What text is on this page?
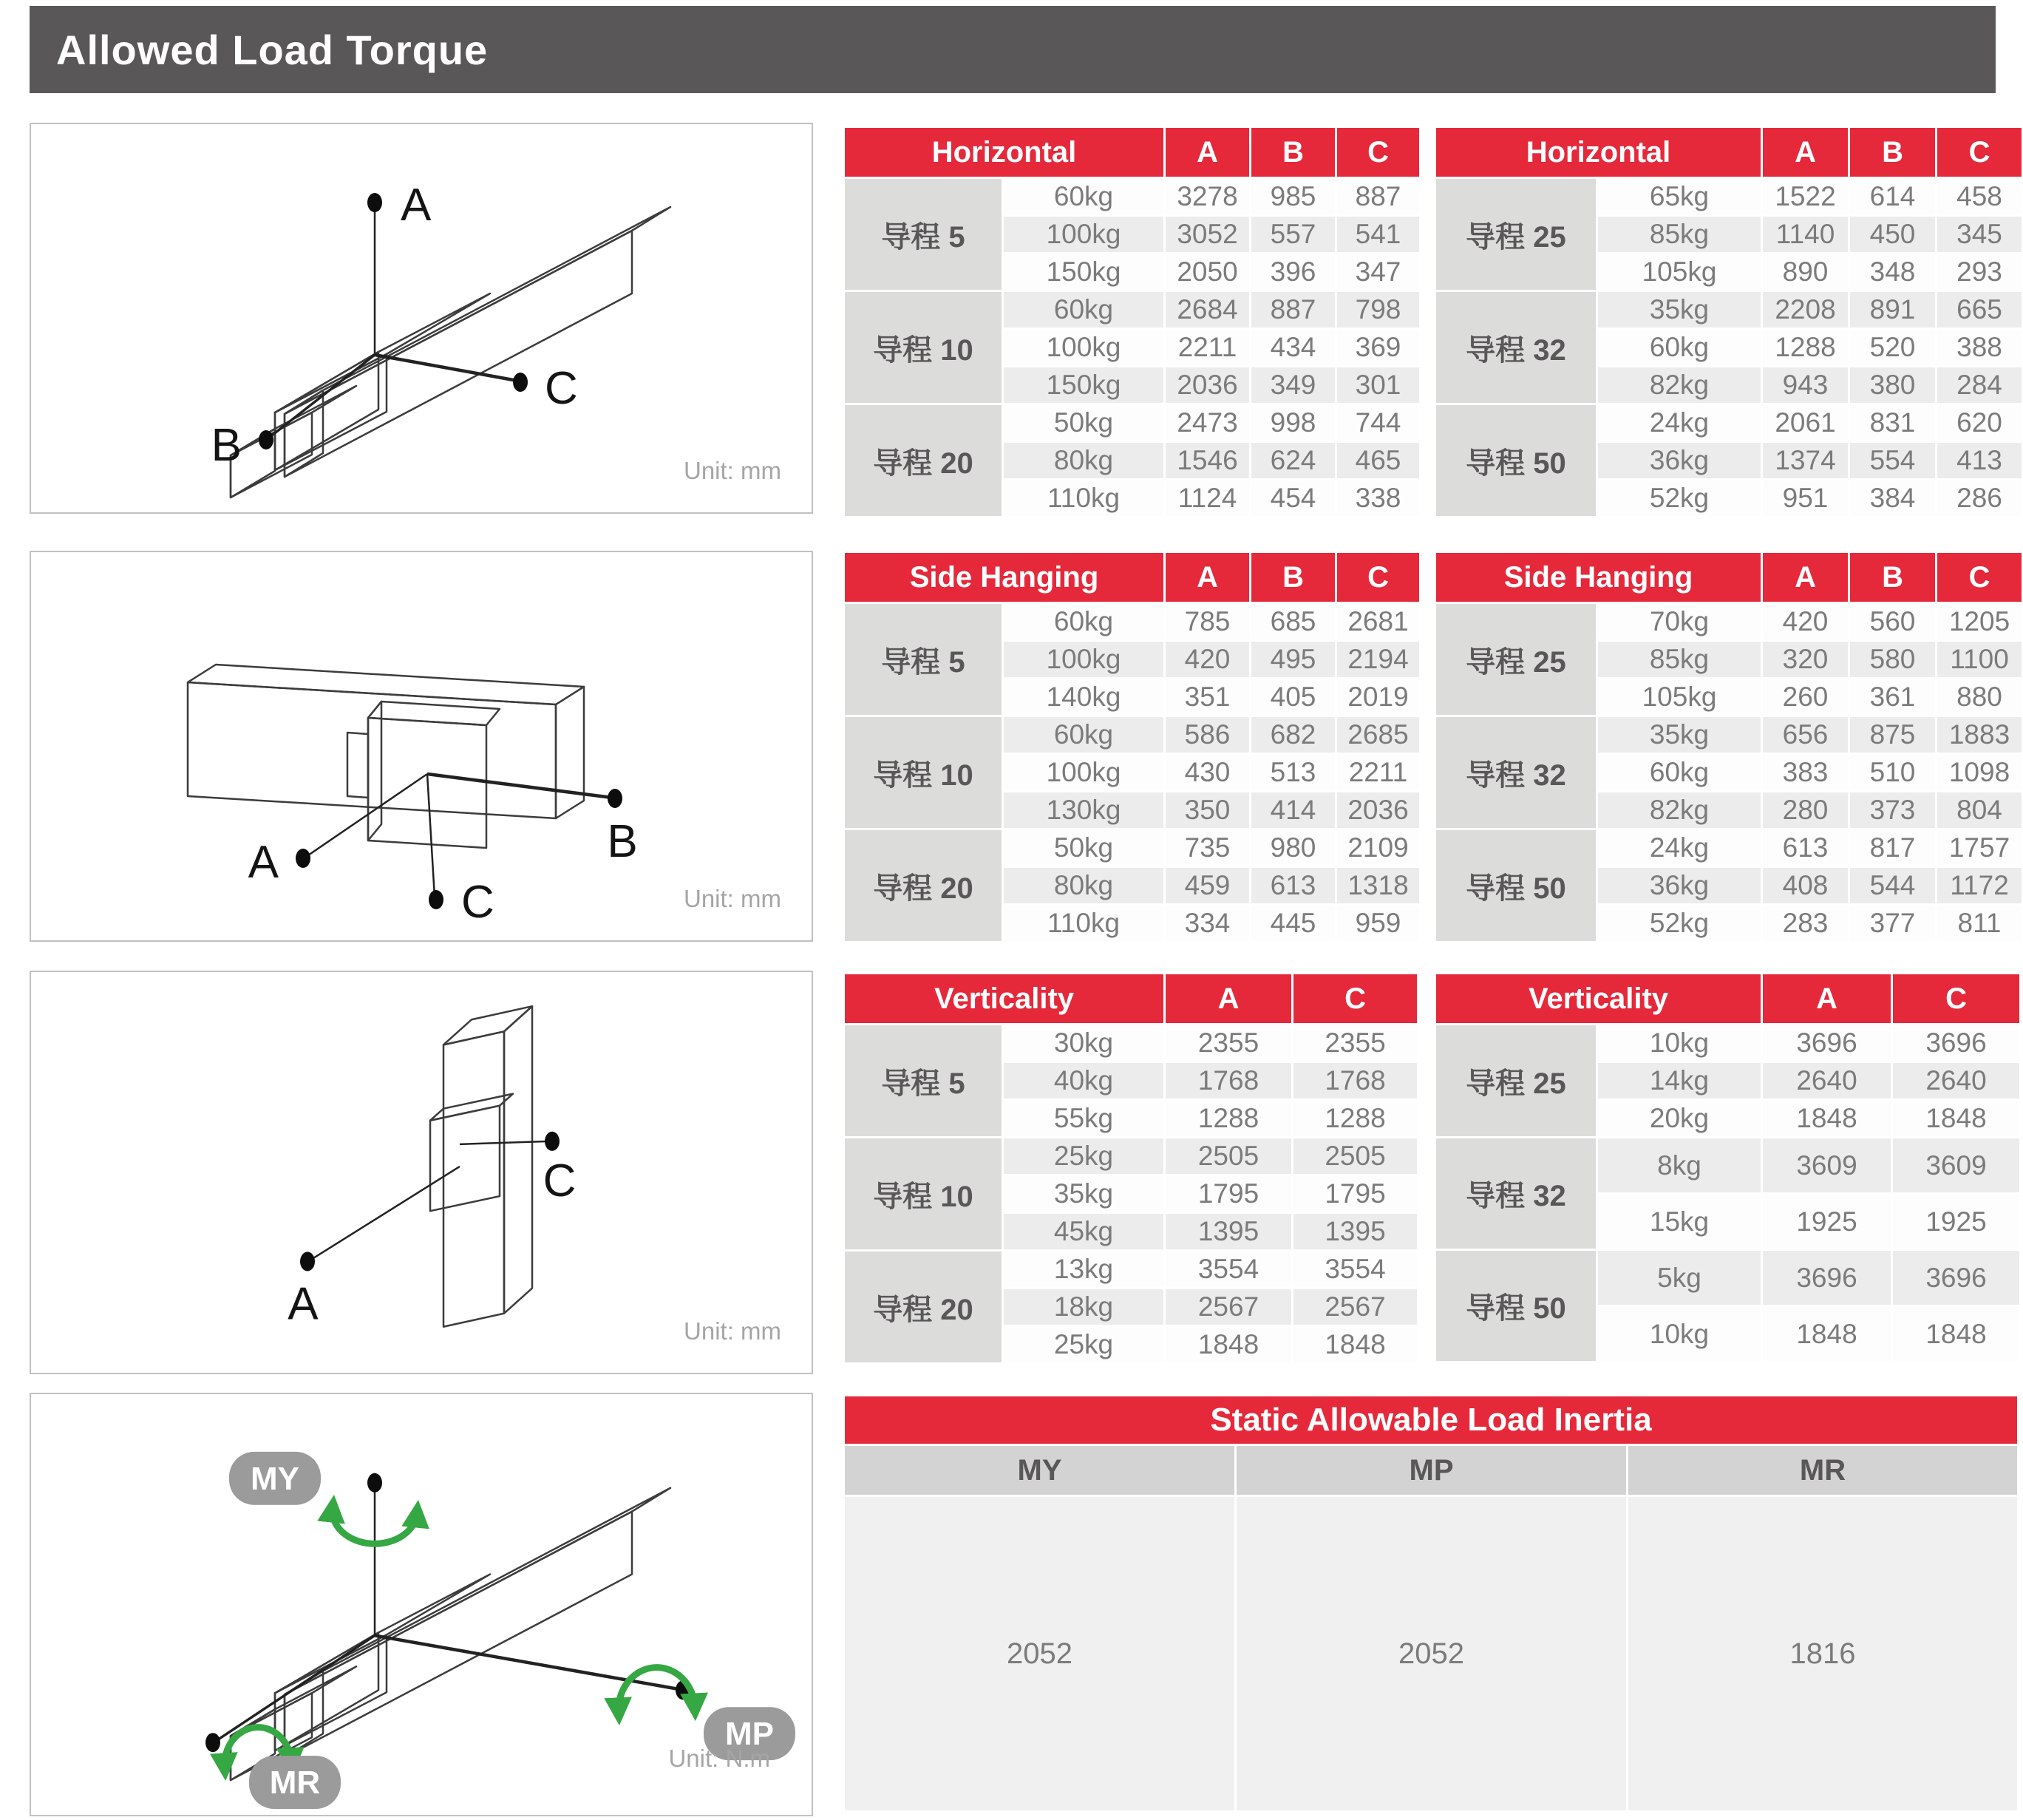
Allowed Load Torque
A
B
C
Unit: mm
A	B
C	Unit: mm
A
C
Unit: mm
MY
MP
MR
Unit: N.m
Horizontal		A	B	C
导程 5	60kg	3278	985	887
	100kg	3052	557	541
	150kg	2050	396	347
导程 10	60kg	2684	887	798
	100kg	2211	434	369
	150kg	2036	349	301
导程 20	50kg	2473	998	744
	80kg	1546	624	465
	110kg	1124	454	338
Horizontal		A	B	C
导程 25	65kg	1522	614	458
	85kg	1140	450	345
	105kg	890	348	293
导程 32	35kg	2208	891	665
	60kg	1288	520	388
	82kg	943	380	284
导程 50	24kg	2061	831	620
	36kg	1374	554	413
	52kg	951	384	286
Side Hanging		A	B	C
导程 5	60kg	785	685	2681
	100kg	420	495	2194
	140kg	351	405	2019
导程 10	60kg	586	682	2685
	100kg	430	513	2211
	130kg	350	414	2036
导程 20	50kg	735	980	2109
	80kg	459	613	1318
	110kg	334	445	959
Side Hanging		A	B	C
导程 25	70kg	420	560	1205
	85kg	320	580	1100
	105kg	260	361	880
导程 32	35kg	656	875	1883
	60kg	383	510	1098
	82kg	280	373	804
导程 50	24kg	613	817	1757
	36kg	408	544	1172
	52kg	283	377	811
Verticality		A	C
导程 5	30kg	2355	2355
	40kg	1768	1768
	55kg	1288	1288
导程 10	25kg	2505	2505
	35kg	1795	1795
	45kg	1395	1395
导程 20	13kg	3554	3554
	18kg	2567	2567
	25kg	1848	1848
Verticality		A	C
导程 25	10kg	3696	3696
	14kg	2640	2640
	20kg	1848	1848
导程 32	8kg	3609	3609
	15kg	1925	1925
导程 50	5kg	3696	3696
	10kg	1848	1848
Static Allowable Load Inertia		
MY	MP	MR
2052	2052	1816
